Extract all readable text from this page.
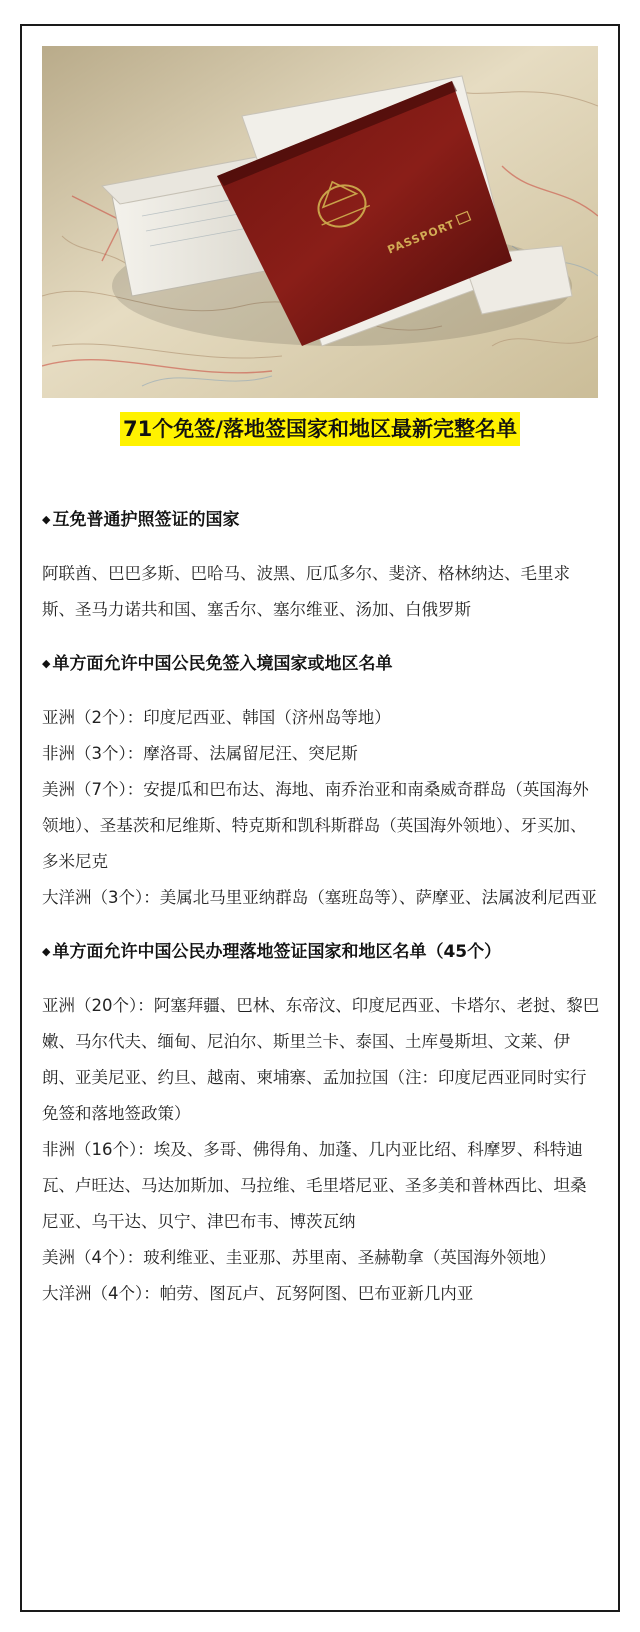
PASSPORT
71个免签/落地签国家和地区最新完整名单
◆ 互免普通护照签证的国家
阿联酋、巴巴多斯、巴哈马、波黑、厄瓜多尔、斐济、格林纳达、毛里求斯、圣马力诺共和国、塞舌尔、塞尔维亚、汤加、白俄罗斯
◆ 单方面允许中国公民免签入境国家或地区名单
亚洲（2个）：印度尼西亚、韩国（济州岛等地）
非洲（3个）：摩洛哥、法属留尼汪、突尼斯
美洲（7个）：安提瓜和巴布达、海地、南乔治亚和南桑威奇群岛（英国海外领地）、圣基茨和尼维斯、特克斯和凯科斯群岛（英国海外领地）、牙买加、多米尼克
大洋洲（3个）：美属北马里亚纳群岛（塞班岛等）、萨摩亚、法属波利尼西亚
◆ 单方面允许中国公民办理落地签证国家和地区名单（45个）
亚洲（20个）：阿塞拜疆、巴林、东帝汶、印度尼西亚、卡塔尔、老挝、黎巴嫩、马尔代夫、缅甸、尼泊尔、斯里兰卡、泰国、土库曼斯坦、文莱、伊朗、亚美尼亚、约旦、越南、柬埔寨、孟加拉国（注：印度尼西亚同时实行免签和落地签政策）
非洲（16个）：埃及、多哥、佛得角、加蓬、几内亚比绍、科摩罗、科特迪瓦、卢旺达、马达加斯加、马拉维、毛里塔尼亚、圣多美和普林西比、坦桑尼亚、乌干达、贝宁、津巴布韦、博茨瓦纳
美洲（4个）：玻利维亚、圭亚那、苏里南、圣赫勒拿（英国海外领地）
大洋洲（4个）：帕劳、图瓦卢、瓦努阿图、巴布亚新几内亚
